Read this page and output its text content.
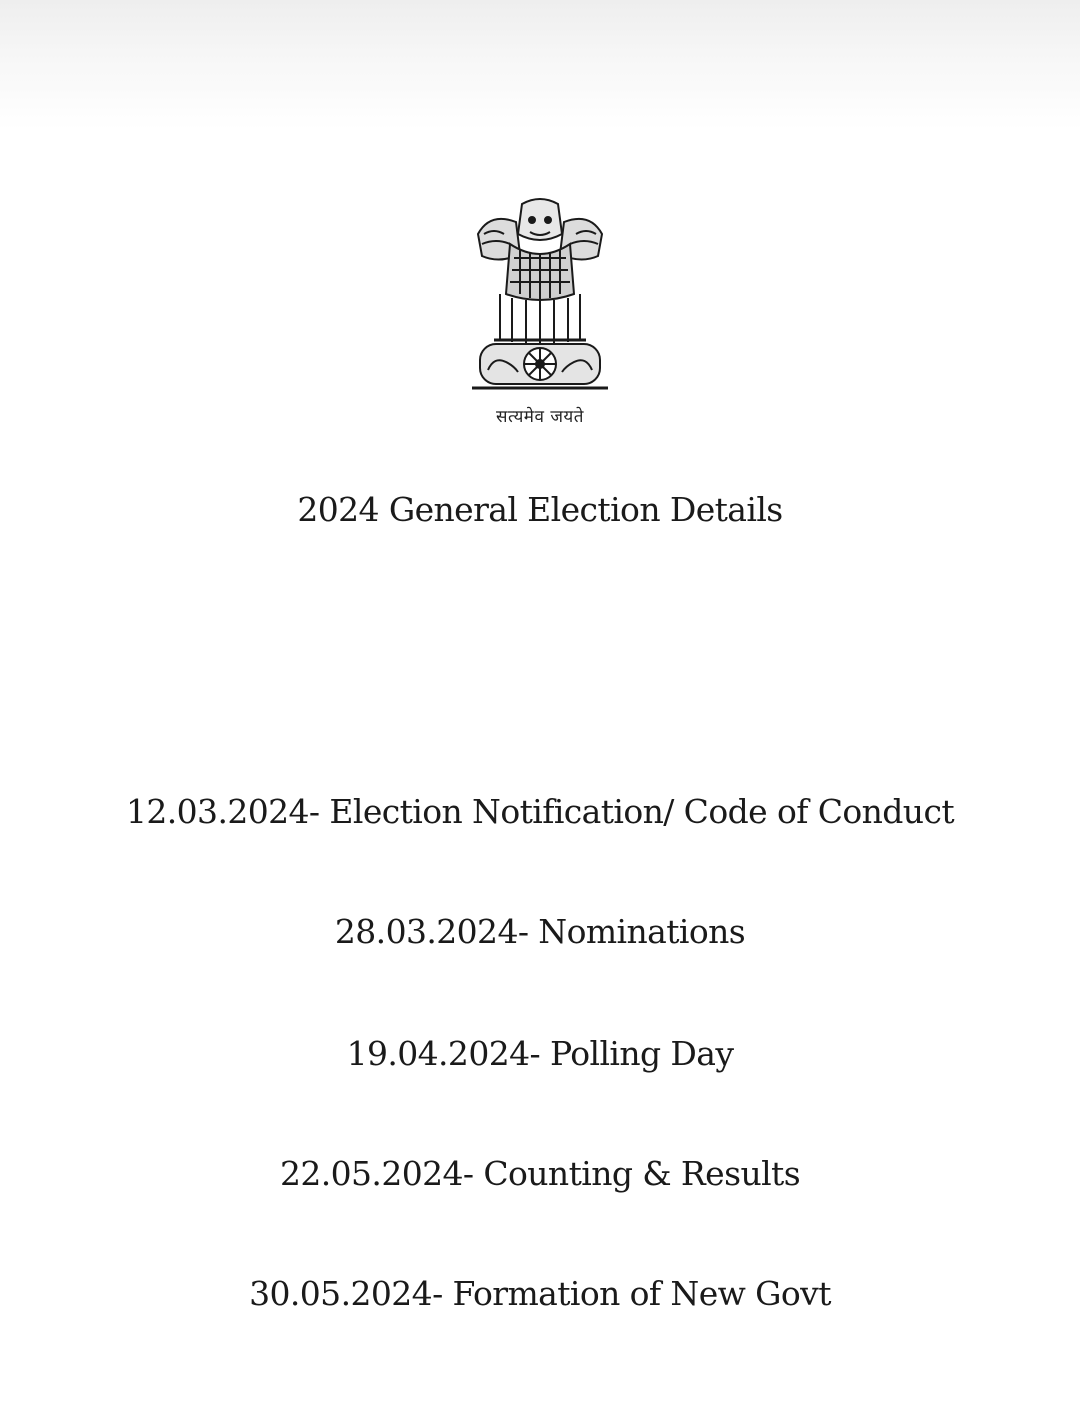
सत्यमेव जयते
2024 General Election Details
12.03.2024- Election Notification/ Code of Conduct
28.03.2024- Nominations
19.04.2024- Polling Day
22.05.2024- Counting & Results
30.05.2024- Formation of New Govt
